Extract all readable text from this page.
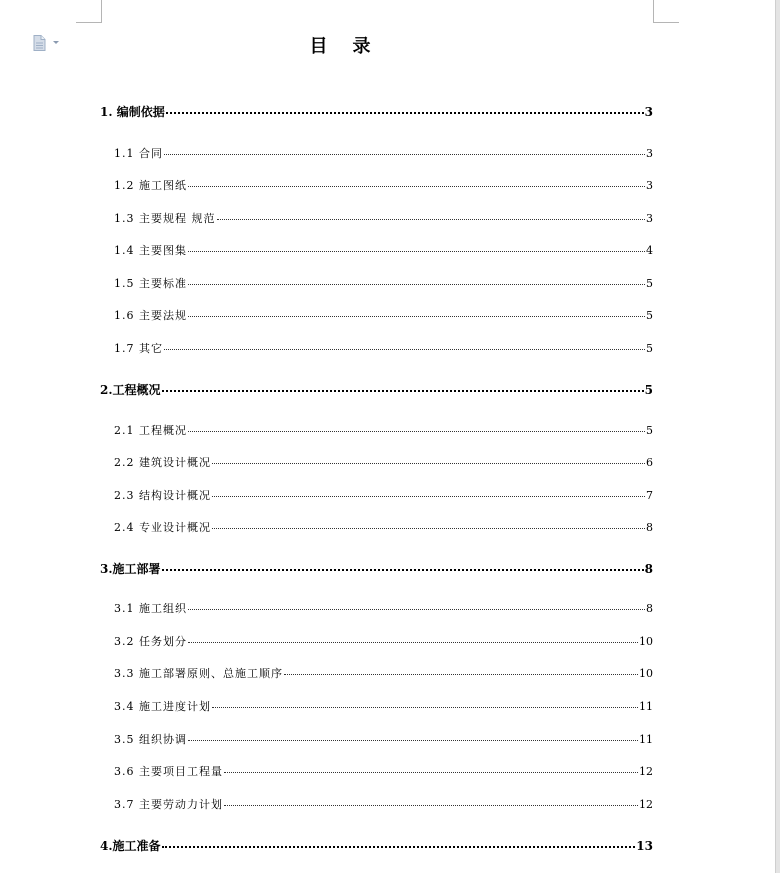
目    录
1. 编制依据	3
1.1 合同	3
1.2 施工图纸	3
1.3 主要规程 规范	3
1.4 主要图集	4
1.5 主要标准	5
1.6 主要法规	5
1.7 其它	5
2.工程概况	5
2.1 工程概况	5
2.2 建筑设计概况	6
2.3 结构设计概况	7
2.4 专业设计概况	8
3.施工部署	8
3.1 施工组织	8
3.2 任务划分	10
3.3 施工部署原则、总施工顺序	10
3.4 施工进度计划	11
3.5 组织协调	11
3.6 主要项目工程量	12
3.7 主要劳动力计划	12
4.施工准备	13
